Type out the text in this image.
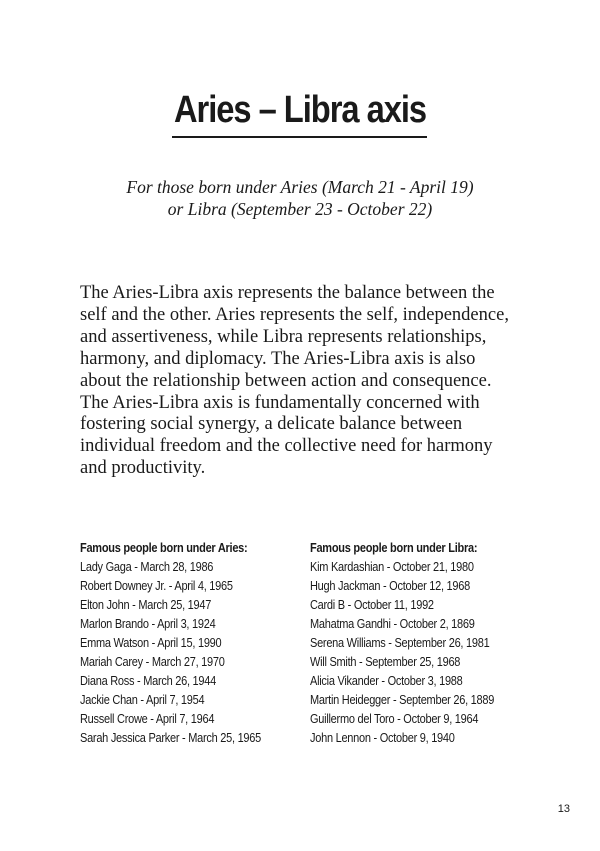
Aries – Libra axis
For those born under Aries (March 21 - April 19)
or Libra (September 23 - October 22)
The Aries-Libra axis represents the balance between the
self and the other. Aries represents the self, independence,
and assertiveness, while Libra represents relationships,
harmony, and diplomacy. The Aries-Libra axis is also
about the relationship between action and consequence.
The Aries-Libra axis is fundamentally concerned with
fostering social synergy, a delicate balance between
individual freedom and the collective need for harmony
and productivity.
Famous people born under Aries:
Lady Gaga - March 28, 1986
Robert Downey Jr. - April 4, 1965
Elton John - March 25, 1947
Marlon Brando - April 3, 1924
Emma Watson - April 15, 1990
Mariah Carey - March 27, 1970
Diana Ross - March 26, 1944
Jackie Chan - April 7, 1954
Russell Crowe - April 7, 1964
Sarah Jessica Parker - March 25, 1965
Famous people born under Libra:
Kim Kardashian - October 21, 1980
Hugh Jackman - October 12, 1968
Cardi B - October 11, 1992
Mahatma Gandhi - October 2, 1869
Serena Williams - September 26, 1981
Will Smith - September 25, 1968
Alicia Vikander - October 3, 1988
Martin Heidegger - September 26, 1889
Guillermo del Toro - October 9, 1964
John Lennon - October 9, 1940
13
